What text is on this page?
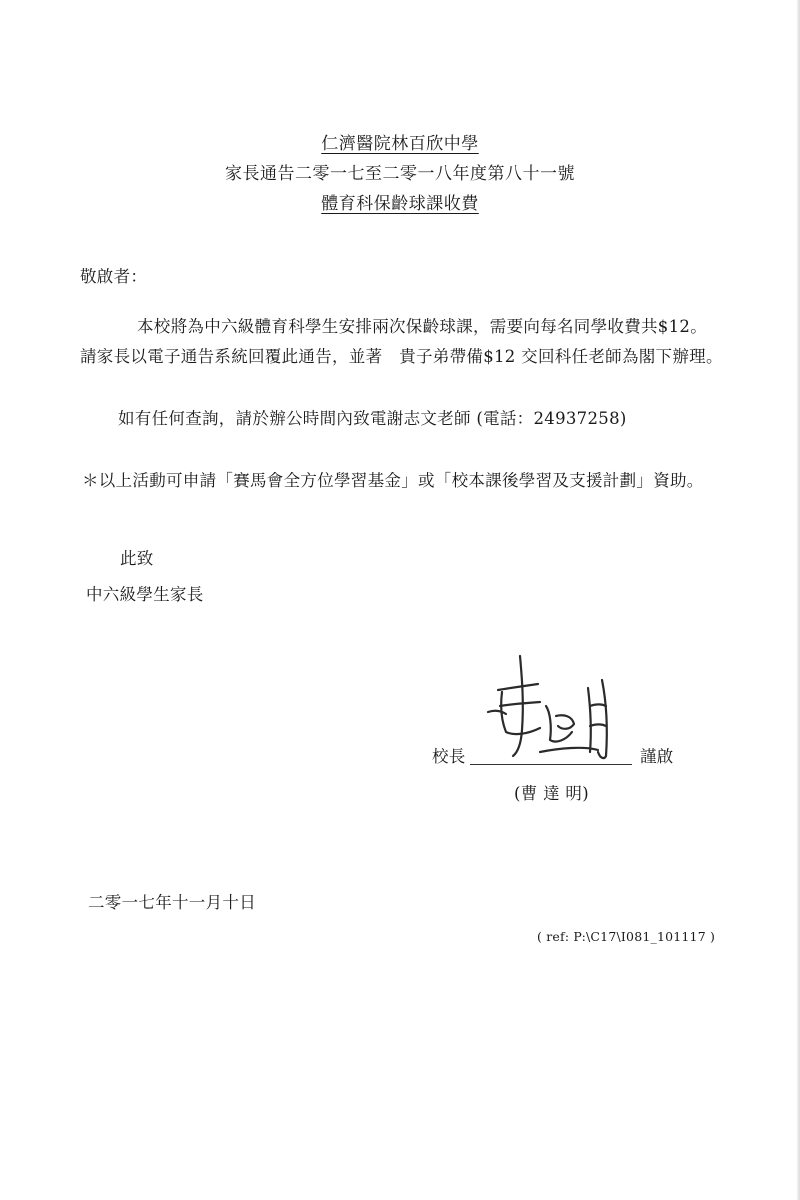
仁濟醫院林百欣中學
家長通告二零一七至二零一八年度第八十一號
體育科保齡球課收費
敬啟者：
本校將為中六級體育科學生安排兩次保齡球課，需要向每名同學收費共$12。
請家長以電子通告系統回覆此通告，並著　貴子弟帶備$12 交回科任老師為閣下辦理。
如有任何查詢，請於辦公時間內致電謝志文老師 (電話：24937258)
＊以上活動可申請「賽馬會全方位學習基金」或「校本課後學習及支援計劃」資助。
此致
中六級學生家長
校長	謹啟
(曹 達 明)
二零一七年十一月十日
( ref: P:\C17\I081_101117 )
